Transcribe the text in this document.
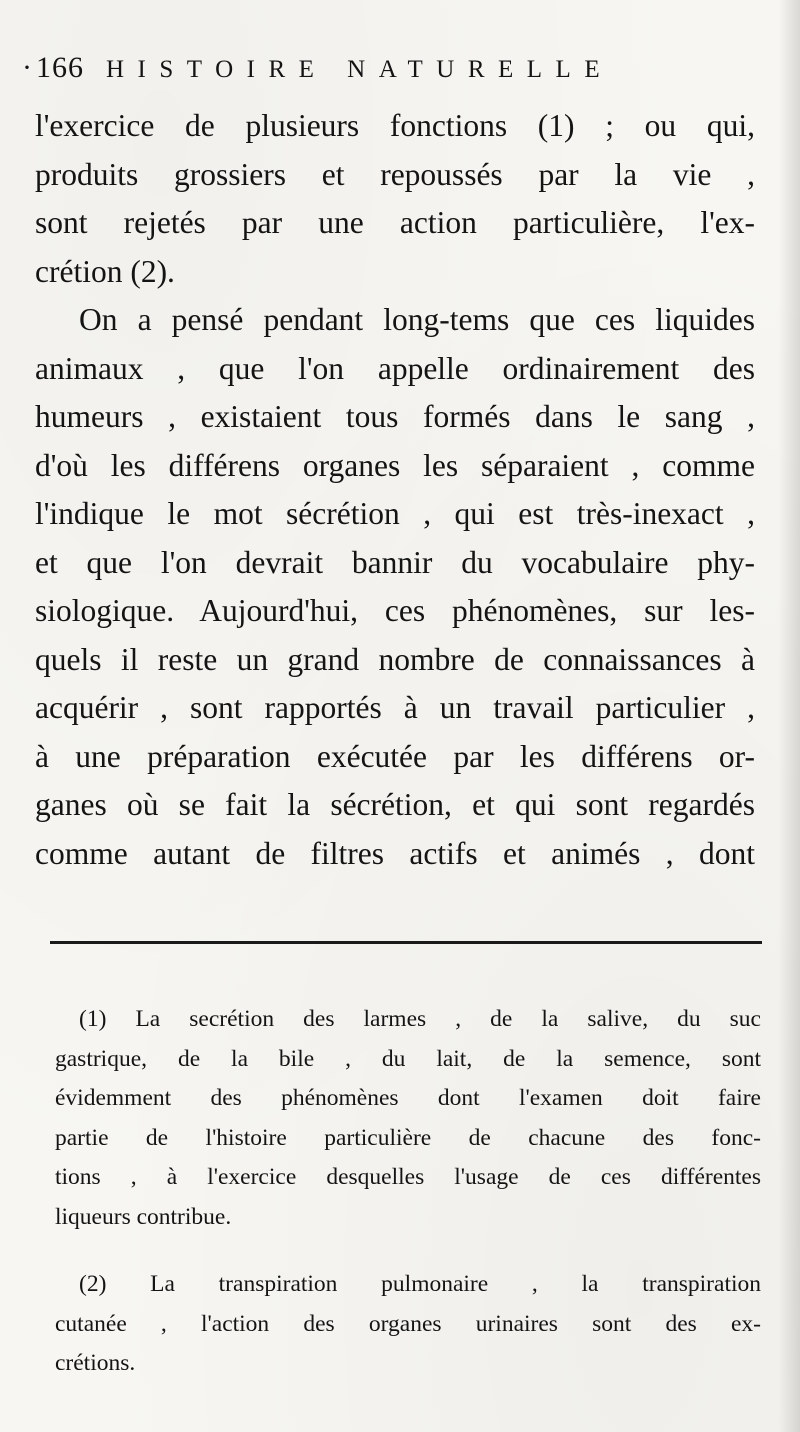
· 166 HISTOIRE NATURELLE

l'exercice de plusieurs fonctions (1) ; ou qui,
produits grossiers et repoussés par la vie ,
sont rejetés par une action particulière, l'ex-
crétion (2).

On a pensé pendant long-tems que ces liquides
animaux , que l'on appelle ordinairement des
humeurs , existaient tous formés dans le sang ,
d'où les différens organes les séparaient , comme
l'indique le mot sécrétion , qui est très-inexact ,
et que l'on devrait bannir du vocabulaire phy-
siologique. Aujourd'hui, ces phénomènes, sur les-
quels il reste un grand nombre de connaissances à
acquérir , sont rapportés à un travail particulier ,
à une préparation exécutée par les différens or-
ganes où se fait la sécrétion, et qui sont regardés
comme autant de filtres actifs et animés , dont

(1) La secrétion des larmes , de la salive, du suc
gastrique, de la bile , du lait, de la semence, sont
évidemment des phénomènes dont l'examen doit faire
partie de l'histoire particulière de chacune des fonc-
tions , à l'exercice desquelles l'usage de ces différentes
liqueurs contribue.

(2) La transpiration pulmonaire , la transpiration
cutanée , l'action des organes urinaires sont des ex-
crétions.
